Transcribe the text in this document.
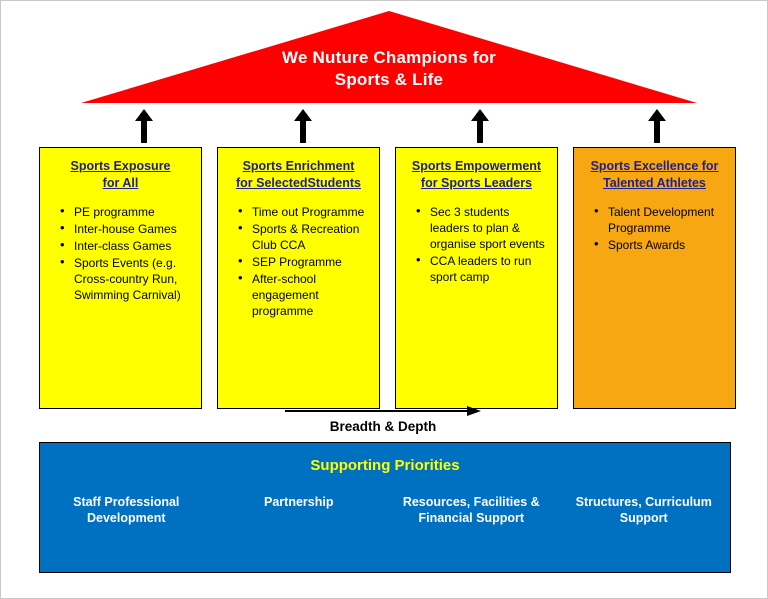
We Nuture Champions for
Sports & Life
Sports Exposure
for All
• PE programme
• Inter-house Games
• Inter-class Games
• Sports Events (e.g. Cross-country Run, Swimming Carnival)
Sports Enrichment
for SelectedStudents
• Time out Programme
• Sports & Recreation Club CCA
• SEP Programme
• After-school engagement programme
Sports Empowerment
for Sports Leaders
• Sec 3 students leaders to plan & organise sport events
• CCA leaders to run sport camp
Sports Excellence for
Talented Athletes
• Talent Development Programme
• Sports Awards
Breadth & Depth
Supporting Priorities
Staff Professional Development
Partnership	Resources, Facilities & Financial Support
Structures, Curriculum Support
